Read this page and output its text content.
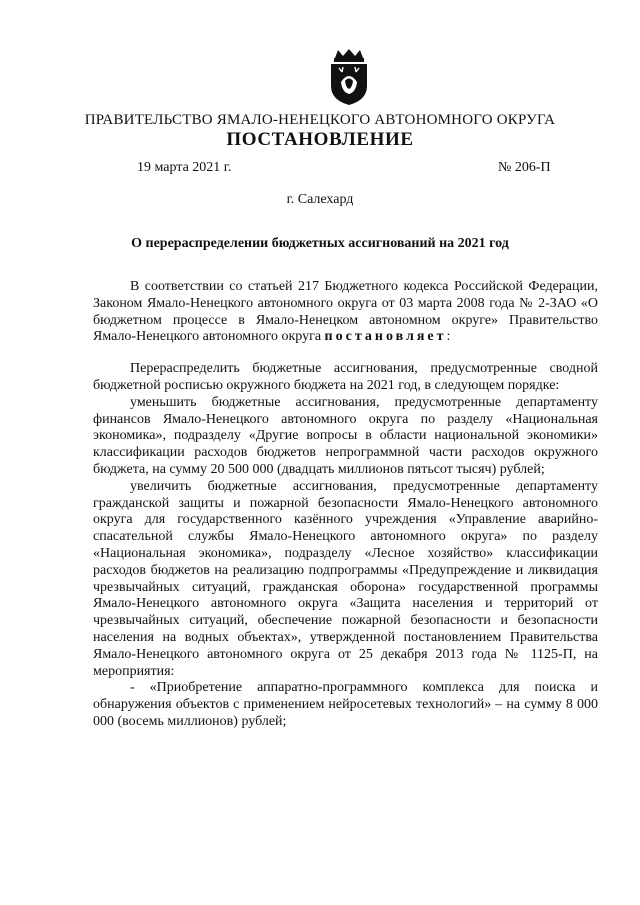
ПРАВИТЕЛЬСТВО ЯМАЛО-НЕНЕЦКОГО АВТОНОМНОГО ОКРУГА
ПОСТАНОВЛЕНИЕ
19 марта 2021 г.	№ 206-П
г. Салехард
О перераспределении бюджетных ассигнований на 2021 год

В соответствии со статьей 217 Бюджетного кодекса Российской Федерации, Законом Ямало-Ненецкого автономного округа от 03 марта 2008 года № 2-ЗАО «О бюджетном процессе в Ямало-Ненецком автономном округе» Правительство Ямало-Ненецкого автономного округа постановляет:

Перераспределить бюджетные ассигнования, предусмотренные сводной бюджетной росписью окружного бюджета на 2021 год, в следующем порядке:

уменьшить бюджетные ассигнования, предусмотренные департаменту финансов Ямало-Ненецкого автономного округа по разделу «Национальная экономика», подразделу «Другие вопросы в области национальной экономики» классификации расходов бюджетов непрограммной части расходов окружного бюджета, на сумму 20 500 000 (двадцать миллионов пятьсот тысяч) рублей;

увеличить бюджетные ассигнования, предусмотренные департаменту гражданской защиты и пожарной безопасности Ямало-Ненецкого автономного округа для государственного казённого учреждения «Управление аварийно-спасательной службы Ямало-Ненецкого автономного округа» по разделу «Национальная экономика», подразделу «Лесное хозяйство» классификации расходов бюджетов на реализацию подпрограммы «Предупреждение и ликвидация чрезвычайных ситуаций, гражданская оборона» государственной программы Ямало-Ненецкого автономного округа «Защита населения и территорий от чрезвычайных ситуаций, обеспечение пожарной безопасности и безопасности населения на водных объектах», утвержденной постановлением Правительства Ямало-Ненецкого автономного округа от 25 декабря 2013 года № 1125-П, на мероприятия:

- «Приобретение аппаратно-программного комплекса для поиска и обнаружения объектов с применением нейросетевых технологий» – на сумму 8 000 000 (восемь миллионов) рублей;
